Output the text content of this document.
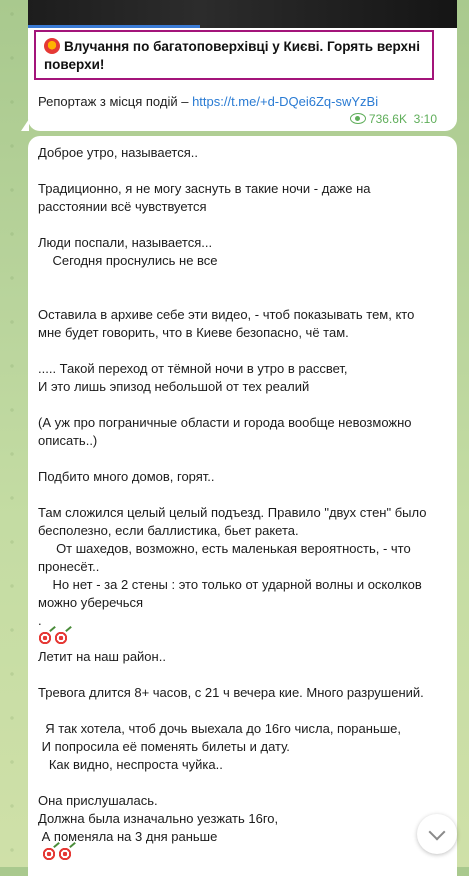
Влучання по багатоповерхівці у Києві. Горять верхні поверхи!
Репортаж з місця подій – https://t.me/+d-DQei6Zq-swYzBi
736.6K 3:10
Доброе утро, называется..

Традиционно, я не могу заснуть в такие ночи - даже на
расстоянии всё чувствуется

Люди поспали, называется...
Сегодня проснулись не все

Оставила в архиве себе эти видео, - чтоб показывать тем, кто
мне будет говорить, что в Киеве безопасно, чё там.

..... Такой переход от тёмной ночи в утро в рассвет,
И это лишь эпизод небольшой от тех реалий

(А уж про пограничные области и города вообще невозможно
описать..)

Подбито много домов, горят..

Там сложился целый целый подъезд. Правило "двух стен" было
бесполезно, если баллистика, бьет ракета.
От шахедов, возможно, есть маленькая вероятность, - что
пронесёт..
Но нет - за 2 стены : это только от ударной волны и осколков
можно уберечься
.
Летит на наш район..

Тревога длится 8+ часов, с 21 ч вечера кие. Много разрушений.

Я так хотела, чтоб дочь выехала до 16го числа, пораньше,
И попросила её поменять билеты и дату.
Как видно, неспроста чуйка..

Она прислушалась.
Должна была изначально уезжать 16го,
А поменяла на 3 дня раньше
